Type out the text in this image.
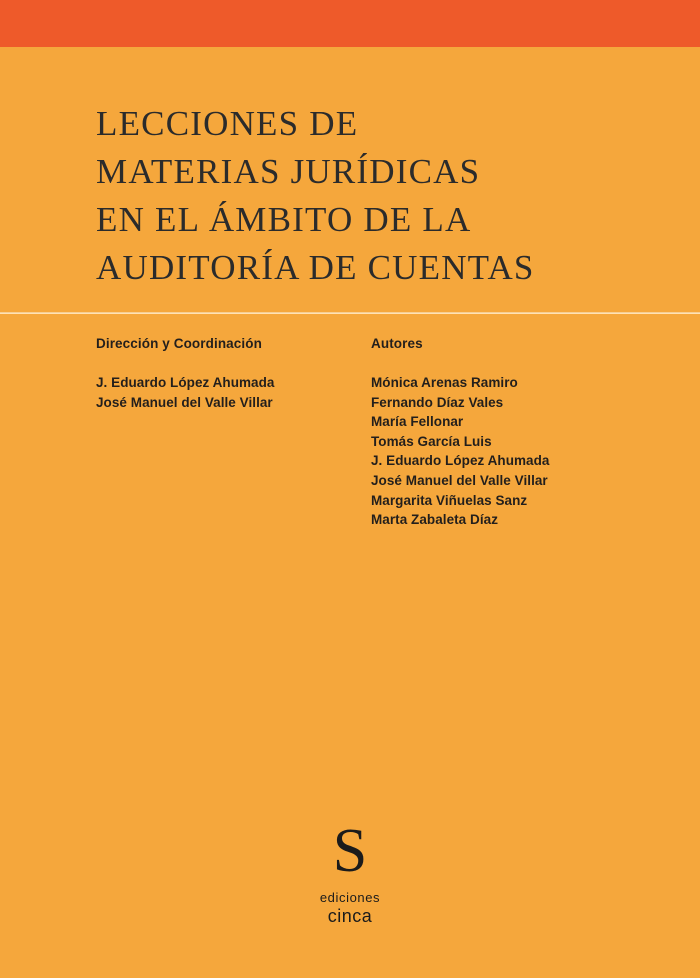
LECCIONES DE
MATERIAS JURÍDICAS
EN EL ÁMBITO DE LA
AUDITORÍA DE CUENTAS
Dirección y Coordinación
J. Eduardo López Ahumada
José Manuel del Valle Villar
Autores
Mónica Arenas Ramiro
Fernando Díaz Vales
María Fellonar
Tomás García Luis
J. Eduardo López Ahumada
José Manuel del Valle Villar
Margarita Viñuelas Sanz
Marta Zabaleta Díaz
S
ediciones
cinca
